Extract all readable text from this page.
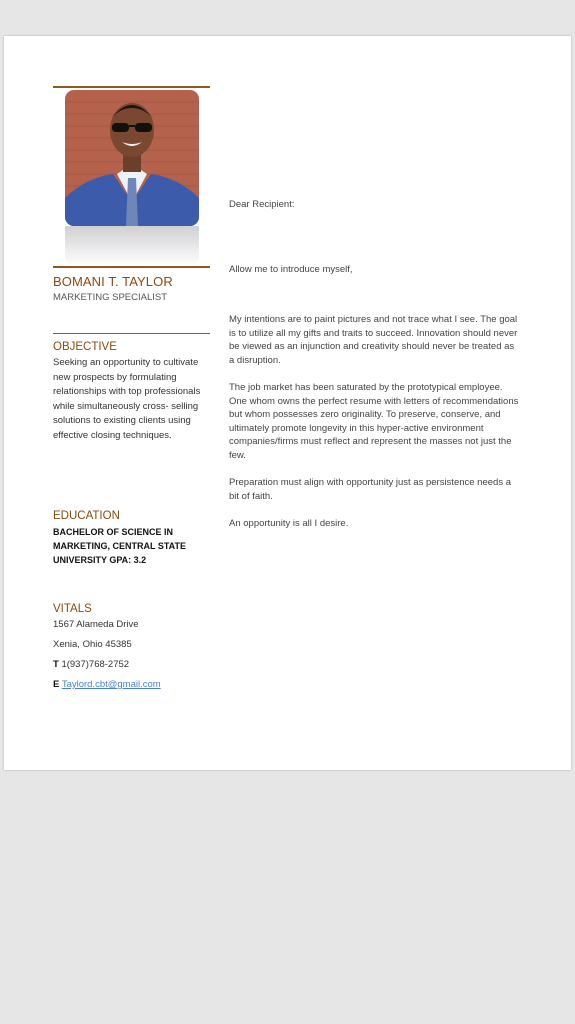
BOMANI T. TAYLOR
MARKETING SPECIALIST
OBJECTIVE
Seeking an opportunity to cultivate new prospects by formulating relationships with top professionals while simultaneously cross- selling solutions to existing clients using effective closing techniques.
EDUCATION
BACHELOR OF SCIENCE IN MARKETING, CENTRAL STATE UNIVERSITY GPA: 3.2
VITALS
1567 Alameda Drive
Xenia, Ohio 45385
T 1(937)768-2752
E Taylord.cbt@gmail.com
Dear Recipient:
Allow me to introduce myself,
My intentions are to paint pictures and not trace what I see. The goal is to utilize all my gifts and traits to succeed. Innovation should never be viewed as an injunction and creativity should never be treated as a disruption.
The job market has been saturated by the prototypical employee. One whom owns the perfect resume with letters of recommendations but whom possesses zero originality. To preserve, conserve, and ultimately promote longevity in this hyper-active environment companies/firms must reflect and represent the masses not just the few.
Preparation must align with opportunity just as persistence needs a bit of faith.
An opportunity is all I desire.
